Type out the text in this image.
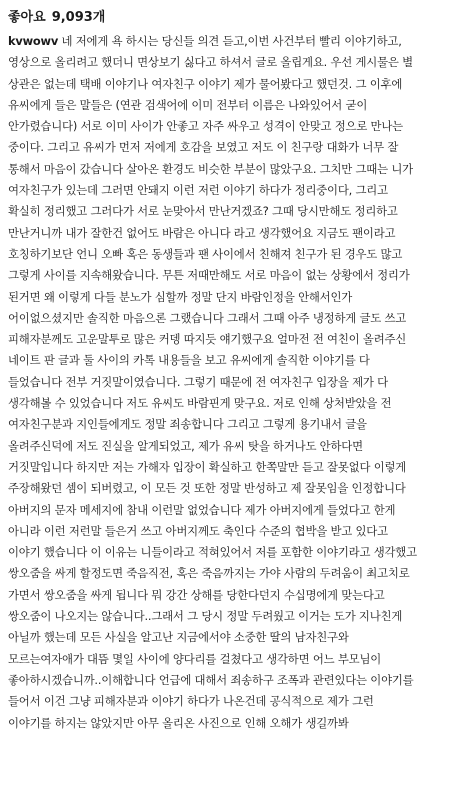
좋아요 9,093개
kvwowv 네 저에게 욕 하시는 당신들 의견 듣고,이번 사건부터 빨리 이야기하고,
영상으로 올리려고 했더니 면상보기 싫다고 하셔서 글로 올립게요. 우선 게시물은 별
상관은 없는데 택배 이야기나 여자친구 이야기 제가 물어봤다고 했던것. 그 이후에
유씨에게 들은 말들은 (연관 검색어에 이미 전부터 이름은 나와있어서 굳이
안가렸습니다) 서로 이미 사이가 안좋고 자주 싸우고 성격이 안맞고 정으로 만나는
중이다. 그리고 유씨가 먼저 저에게 호감을 보였고 저도 이 친구랑 대화가 너무 잘
통해서 마음이 갔습니다 살아온 환경도 비슷한 부분이 많았구요. 그치만 그때는 니가
여자친구가 있는데 그러면 안돼지 이런 저런 이야기 하다가 정리중이다, 그리고
확실히 정리했고 그러다가 서로 눈맞아서 만난거겠죠? 그때 당시만해도 정리하고
만난거니까 내가 잘한건 없어도 바람은 아니다 라고 생각했어요 지금도 팬이라고
호칭하기보단 언니 오빠 혹은 동생들과 팬 사이에서 친해져 친구가 된 경우도 많고
그렇게 사이를 지속해왔습니다. 무튼 저때만해도 서로 마음이 없는 상황에서 정리가
된거면 왜 이렇게 다들 분노가 심할까 정말 단지 바람인정을 안해서인가
어이없으셨지만 솔직한 마음으론 그랬습니다 그래서 그때 아주 냉정하게 글도 쓰고
피해자분께도 고운말투로 많은 커뎅 따지듯 얘기했구요 얼마전 전 여친이 올려주신
네이트 판 글과 둘 사이의 카톡 내용들을 보고 유씨에게 솔직한 이야기를 다
들었습니다 전부 거짓말이였습니다. 그렇기 때문에 전 여자친구 입장을 제가 다
생각해볼 수 있었습니다 저도 유씨도 바람핀게 맞구요. 저로 인해 상처받았을 전
여자친구분과 지인들에게도 정말 죄송합니다 그리고 그렇게 용기내서 글을
올려주신덕에 저도 진실을 알게되었고, 제가 유씨 탓을 하거나도 안하다면
거짓말입니다 하지만 저는 가해자 입장이 확실하고 한쪽말만 듣고 잘못없다 이렇게
주장해왔던 셈이 되버렸고, 이 모든 것 또한 정말 반성하고 제 잘못임을 인정합니다
아버지의 문자 메세지에 참내 이런말 없었습니다 제가 아버지에게 들었다고 한게
아니라 이런 저런말 들은거 쓰고 아버지께도 축인다 수준의 협박을 받고 있다고
이야기 했습니다 이 이유는 니들이라고 적혀있어서 저를 포함한 이야기라고 생각했고
쌍오줌을 싸게 할정도면 죽음직전, 혹은 죽음까지는 가야 사람의 두려움이 최고치로
가면서 쌍오줌을 싸게 됩니다 뭐 강간 상해를 당한다던지 수십명에게 맞는다고
쌍오줌이 나오지는 않습니다..그래서 그 당시 정말 두려웠고 이거는 도가 지나친게
아닐까 했는데 모든 사실을 알고난 지금에서야 소중한 딸의 남자친구와
모르는여자애가 대뜸 몇일 사이에 양다리를 걸쳤다고 생각하면 어느 부모님이
좋아하시겠습니까..이해합니다 언급에 대해서 죄송하구 조폭과 관련있다는 이야기를
들어서 이건 그냥 피해자분과 이야기 하다가 나온건데 공식적으로 제가 그런
이야기를 하지는 않았지만 아무 올리온 사진으로 인해 오해가 생길까봐
